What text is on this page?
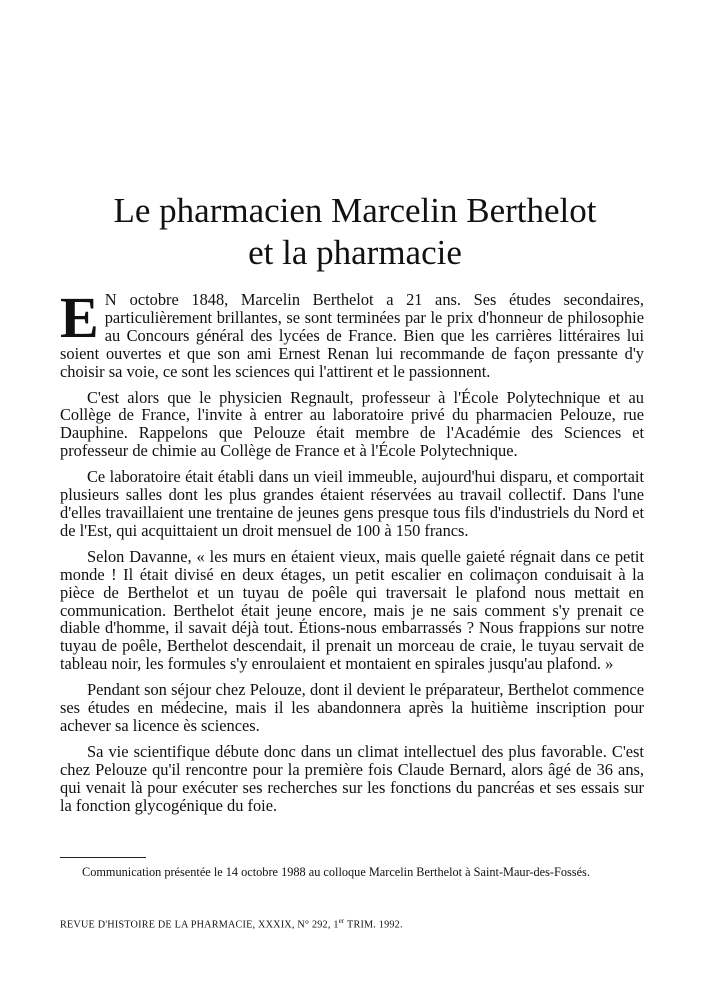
Le pharmacien Marcelin Berthelot
et la pharmacie

E N octobre 1848, Marcelin Berthelot a 21 ans. Ses études secondaires, particulièrement brillantes, se sont terminées par le prix d'honneur de philosophie au Concours général des lycées de France. Bien que les carrières littéraires lui soient ouvertes et que son ami Ernest Renan lui recommande de façon pressante d'y choisir sa voie, ce sont les sciences qui l'attirent et le passionnent.

C'est alors que le physicien Regnault, professeur à l'École Polytechnique et au Collège de France, l'invite à entrer au laboratoire privé du pharmacien Pelouze, rue Dauphine. Rappelons que Pelouze était membre de l'Académie des Sciences et professeur de chimie au Collège de France et à l'École Polytechnique.

Ce laboratoire était établi dans un vieil immeuble, aujourd'hui disparu, et comportait plusieurs salles dont les plus grandes étaient réservées au travail collectif. Dans l'une d'elles travaillaient une trentaine de jeunes gens presque tous fils d'industriels du Nord et de l'Est, qui acquittaient un droit mensuel de 100 à 150 francs.

Selon Davanne, « les murs en étaient vieux, mais quelle gaieté régnait dans ce petit monde ! Il était divisé en deux étages, un petit escalier en colimaçon conduisait à la pièce de Berthelot et un tuyau de poêle qui traversait le plafond nous mettait en communication. Berthelot était jeune encore, mais je ne sais comment s'y prenait ce diable d'homme, il savait déjà tout. Étions-nous embarrassés ? Nous frappions sur notre tuyau de poêle, Berthelot descendait, il prenait un morceau de craie, le tuyau servait de tableau noir, les formules s'y enroulaient et montaient en spirales jusqu'au plafond. »

Pendant son séjour chez Pelouze, dont il devient le préparateur, Berthelot commence ses études en médecine, mais il les abandonnera après la huitième inscription pour achever sa licence ès sciences.

Sa vie scientifique débute donc dans un climat intellectuel des plus favorable. C'est chez Pelouze qu'il rencontre pour la première fois Claude Bernard, alors âgé de 36 ans, qui venait là pour exécuter ses recherches sur les fonctions du pancréas et ses essais sur la fonction glycogénique du foie.

Communication présentée le 14 octobre 1988 au colloque Marcelin Berthelot à Saint-Maur-des-Fossés.
REVUE D'HISTOIRE DE LA PHARMACIE, XXXIX, N° 292, 1er TRIM. 1992.
